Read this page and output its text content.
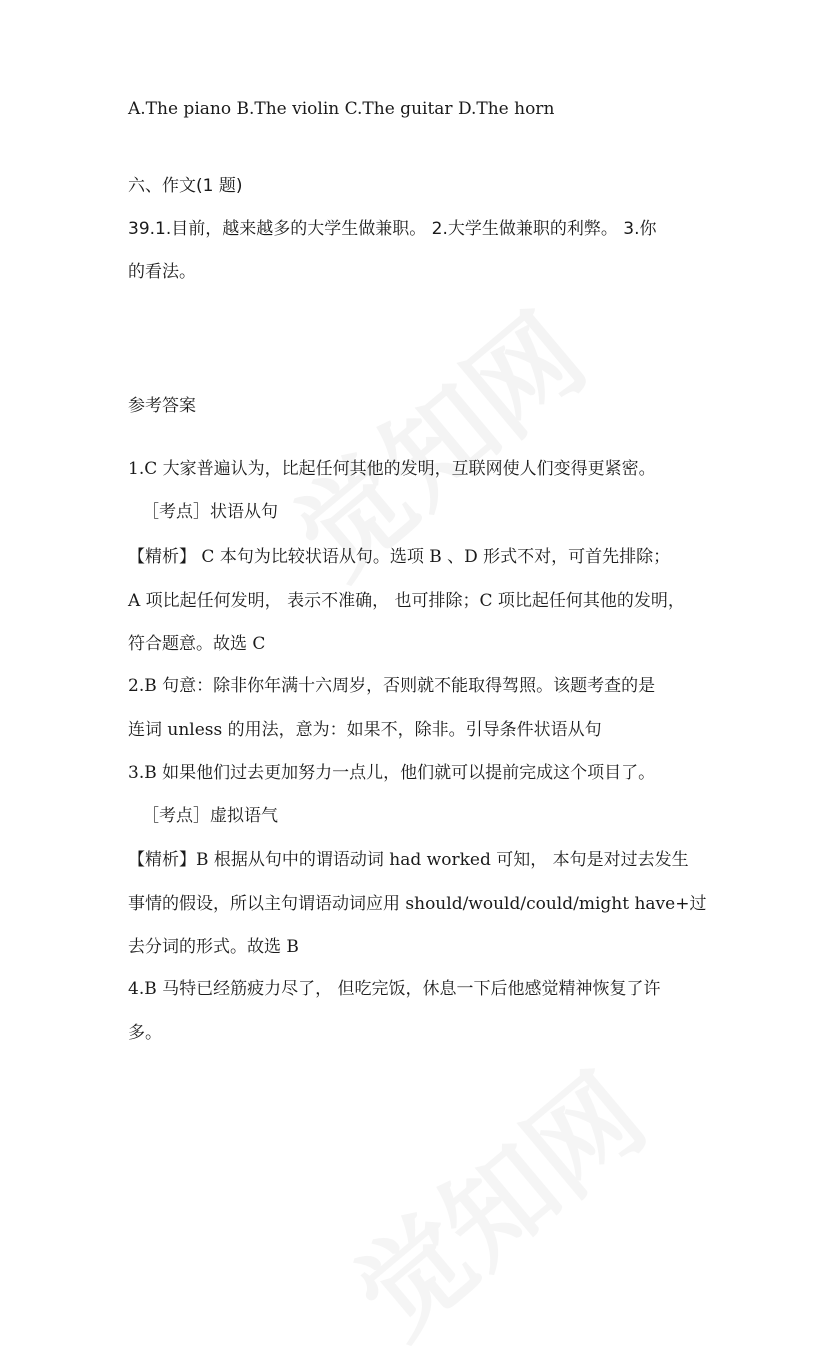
A.The piano B.The violin C.The guitar D.The horn
六、作文(1 题)
39.1.目前，越来越多的大学生做兼职。 2.大学生做兼职的利弊。 3.你
的看法。
参考答案
1.C 大家普遍认为，比起任何其他的发明，互联网使人们变得更紧密。
［考点］状语从句
【精析】 C 本句为比较状语从句。选项 B 、D 形式不对，可首先排除；
A 项比起任何发明， 表示不准确， 也可排除；C 项比起任何其他的发明，
符合题意。故选 C
2.B 句意：除非你年满十六周岁，否则就不能取得驾照。该题考查的是
连词 unless 的用法，意为：如果不，除非。引导条件状语从句
3.B 如果他们过去更加努力一点儿，他们就可以提前完成这个项目了。
［考点］虚拟语气
【精析】B 根据从句中的谓语动词 had worked 可知， 本句是对过去发生
事情的假设，所以主句谓语动词应用 should/would/could/might have+过
去分词的形式。故选 B
4.B 马特已经筋疲力尽了， 但吃完饭，休息一下后他感觉精神恢复了许
多。
